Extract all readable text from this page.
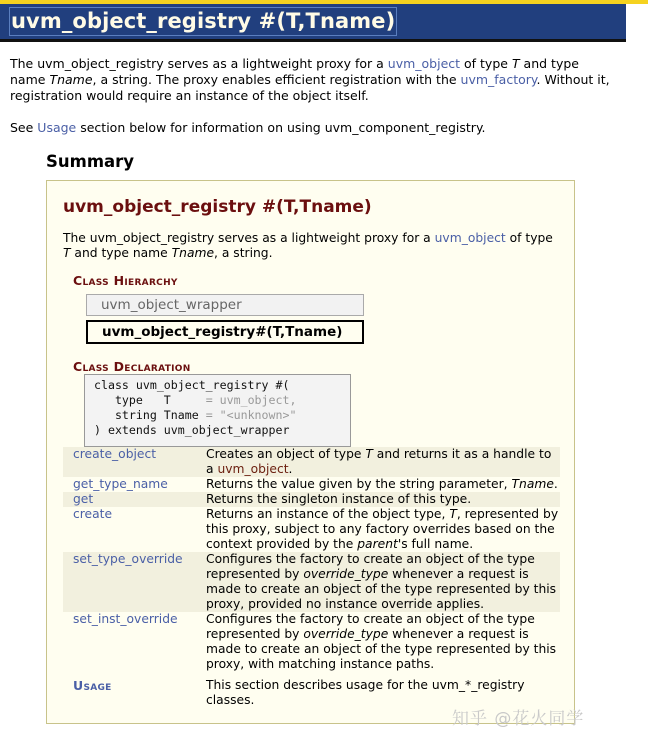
uvm_object_registry #(T,Tname)

The uvm_object_registry serves as a lightweight proxy for a uvm_object of type T and type name Tname, a string. The proxy enables efficient registration with the uvm_factory. Without it, registration would require an instance of the object itself.

See Usage section below for information on using uvm_component_registry.

Summary
uvm_object_registry #(T,Tname)
The uvm_object_registry serves as a lightweight proxy for a uvm_object of type
T and type name Tname, a string.
Class Hierarchy
uvm_object_wrapper
uvm_object_registry#(T,Tname)
Class Declaration
class uvm_object_registry #(
type   T     = uvm_object,
string Tname = "<unknown>"
) extends uvm_object_wrapper
create_object	Creates an object of type T and returns it as a handle to a uvm_object.
get_type_name	Returns the value given by the string parameter, Tname.
get	Returns the singleton instance of this type.
create	Returns an instance of the object type, T, represented by this proxy, subject to any factory overrides based on the context provided by the parent's full name.
set_type_override	Configures the factory to create an object of the type represented by override_type whenever a request is made to create an object of the type represented by this proxy, provided no instance override applies.
set_inst_override	Configures the factory to create an object of the type represented by override_type whenever a request is made to create an object of the type represented by this proxy, with matching instance paths.
Usage	This section describes usage for the uvm_*_registry classes.
知乎 @花火同学
